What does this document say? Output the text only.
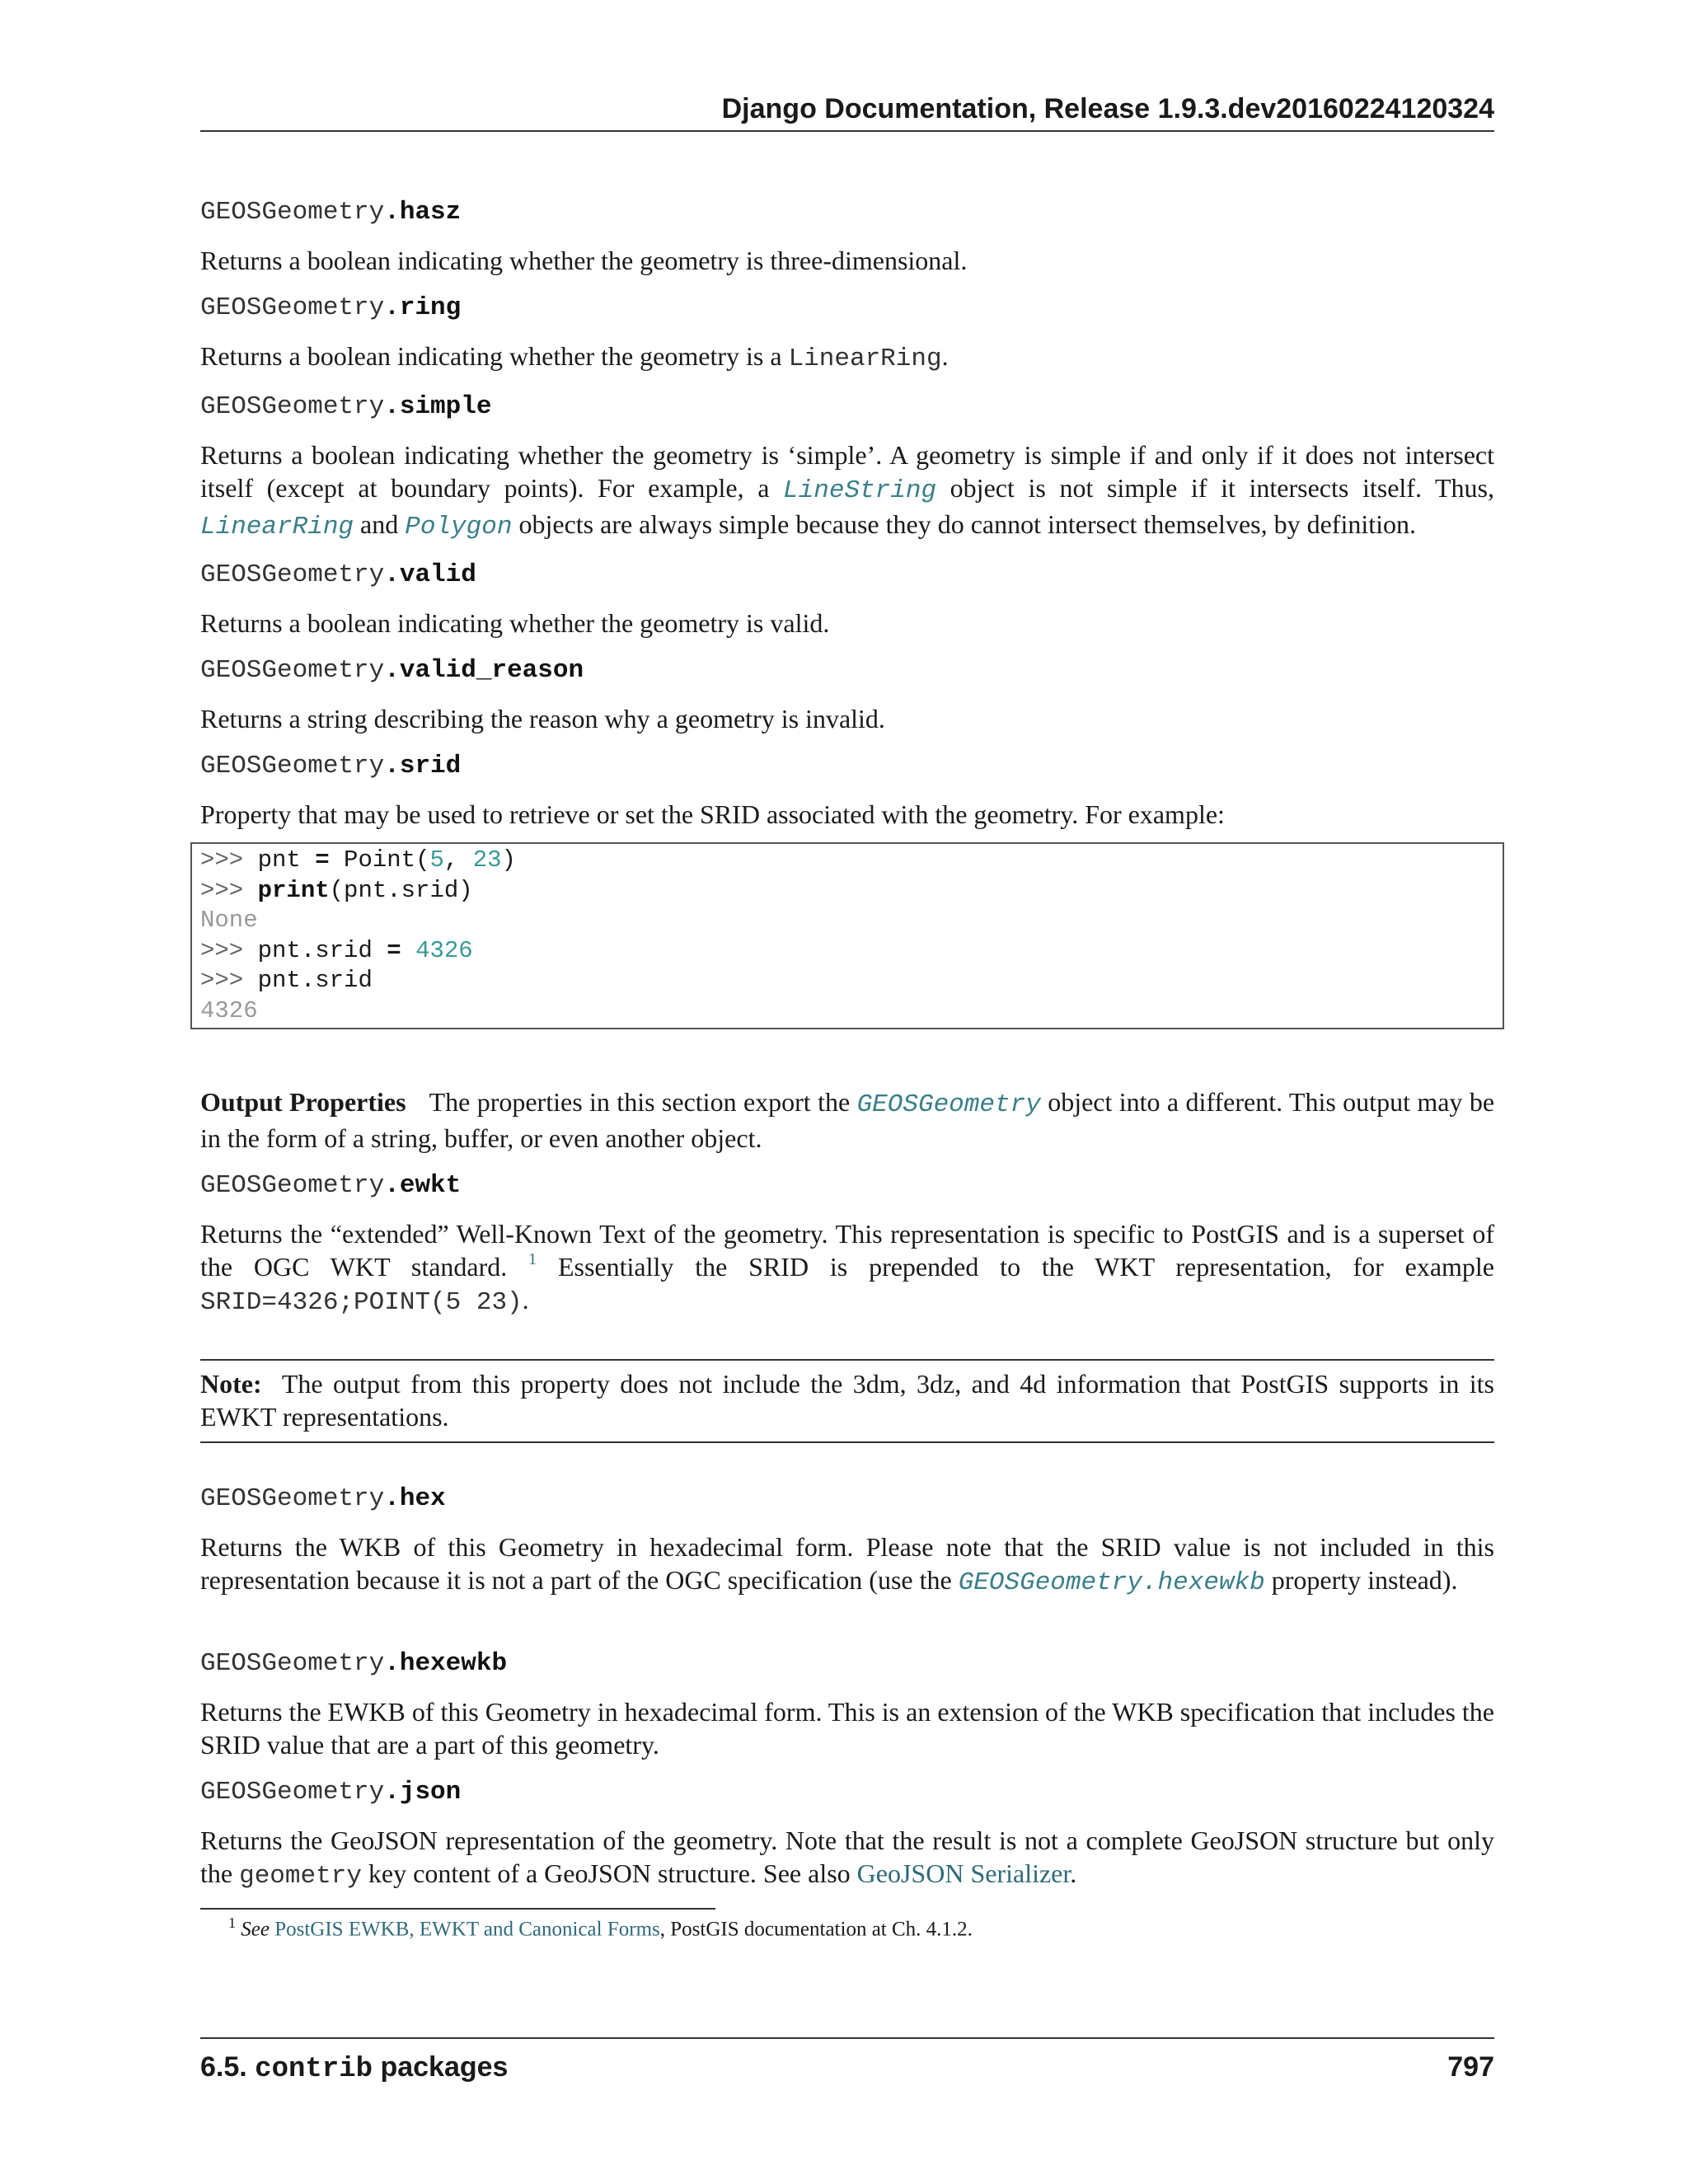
Django Documentation, Release 1.9.3.dev20160224120324
GEOSGeometry.hasz

Returns a boolean indicating whether the geometry is three-dimensional.

GEOSGeometry.ring

Returns a boolean indicating whether the geometry is a LinearRing.

GEOSGeometry.simple

Returns a boolean indicating whether the geometry is ‘simple’. A geometry is simple if and only if it does not intersect itself (except at boundary points). For example, a LineString object is not simple if it intersects itself. Thus, LinearRing and Polygon objects are always simple because they do cannot intersect themselves, by definition.

GEOSGeometry.valid

Returns a boolean indicating whether the geometry is valid.

GEOSGeometry.valid_reason

Returns a string describing the reason why a geometry is invalid.

GEOSGeometry.srid

Property that may be used to retrieve or set the SRID associated with the geometry. For example:

>>> pnt = Point(5, 23)
>>> print(pnt.srid)
None
>>> pnt.srid = 4326
>>> pnt.srid
4326

Output Properties The properties in this section export the GEOSGeometry object into a different. This output may be in the form of a string, buffer, or even another object.

GEOSGeometry.ewkt

Returns the “extended” Well-Known Text of the geometry. This representation is specific to PostGIS and is a superset of the OGC WKT standard. $^1$ Essentially the SRID is prepended to the WKT representation, for example SRID=4326;POINT(5 23).

Note: The output from this property does not include the 3dm, 3dz, and 4d information that PostGIS supports in its EWKT representations.

GEOSGeometry.hex

Returns the WKB of this Geometry in hexadecimal form. Please note that the SRID value is not included in this representation because it is not a part of the OGC specification (use the GEOSGeometry.hexewkb property instead).

GEOSGeometry.hexewkb

Returns the EWKB of this Geometry in hexadecimal form. This is an extension of the WKB specification that includes the SRID value that are a part of this geometry.

GEOSGeometry.json

Returns the GeoJSON representation of the geometry. Note that the result is not a complete GeoJSON structure but only the geometry key content of a GeoJSON structure. See also GeoJSON Serializer.

$^1$ See PostGIS EWKB, EWKT and Canonical Forms, PostGIS documentation at Ch. 4.1.2.
6.5. contrib packages	797
